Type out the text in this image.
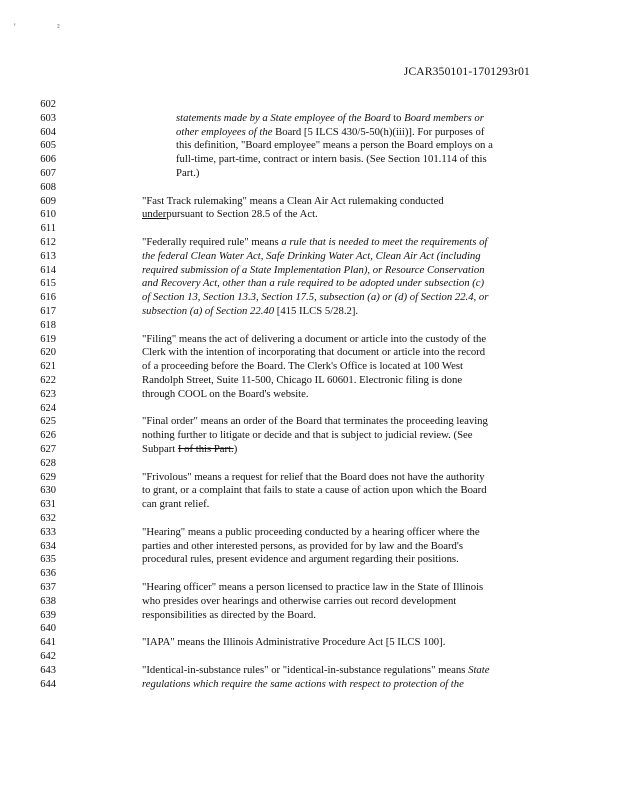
'	²
JCAR350101-1701293r01
602
603	statements made by a State employee of the Board to Board members or
604	other employees of the Board [5 ILCS 430/5-50(h)(iii)]. For purposes of
605	this definition, "Board employee" means a person the Board employs on a
606	full-time, part-time, contract or intern basis. (See Section 101.114 of this
607	Part.)
608
609	"Fast Track rulemaking" means a Clean Air Act rulemaking conducted
610	underpursuant to Section 28.5 of the Act.
611
612	"Federally required rule" means a rule that is needed to meet the requirements of
613	the federal Clean Water Act, Safe Drinking Water Act, Clean Air Act (including
614	required submission of a State Implementation Plan), or Resource Conservation
615	and Recovery Act, other than a rule required to be adopted under subsection (c)
616	of Section 13, Section 13.3, Section 17.5, subsection (a) or (d) of Section 22.4, or
617	subsection (a) of Section 22.40 [415 ILCS 5/28.2].
618
619	"Filing" means the act of delivering a document or article into the custody of the
620	Clerk with the intention of incorporating that document or article into the record
621	of a proceeding before the Board. The Clerk's Office is located at 100 West
622	Randolph Street, Suite 11-500, Chicago IL 60601. Electronic filing is done
623	through COOL on the Board's website.
624
625	"Final order" means an order of the Board that terminates the proceeding leaving
626	nothing further to litigate or decide and that is subject to judicial review. (See
627	Subpart I of this Part.)
628
629	"Frivolous" means a request for relief that the Board does not have the authority
630	to grant, or a complaint that fails to state a cause of action upon which the Board
631	can grant relief.
632
633	"Hearing" means a public proceeding conducted by a hearing officer where the
634	parties and other interested persons, as provided for by law and the Board's
635	procedural rules, present evidence and argument regarding their positions.
636
637	"Hearing officer" means a person licensed to practice law in the State of Illinois
638	who presides over hearings and otherwise carries out record development
639	responsibilities as directed by the Board.
640
641	"IAPA" means the Illinois Administrative Procedure Act [5 ILCS 100].
642
643	"Identical-in-substance rules" or "identical-in-substance regulations" means State
644	regulations which require the same actions with respect to protection of the
